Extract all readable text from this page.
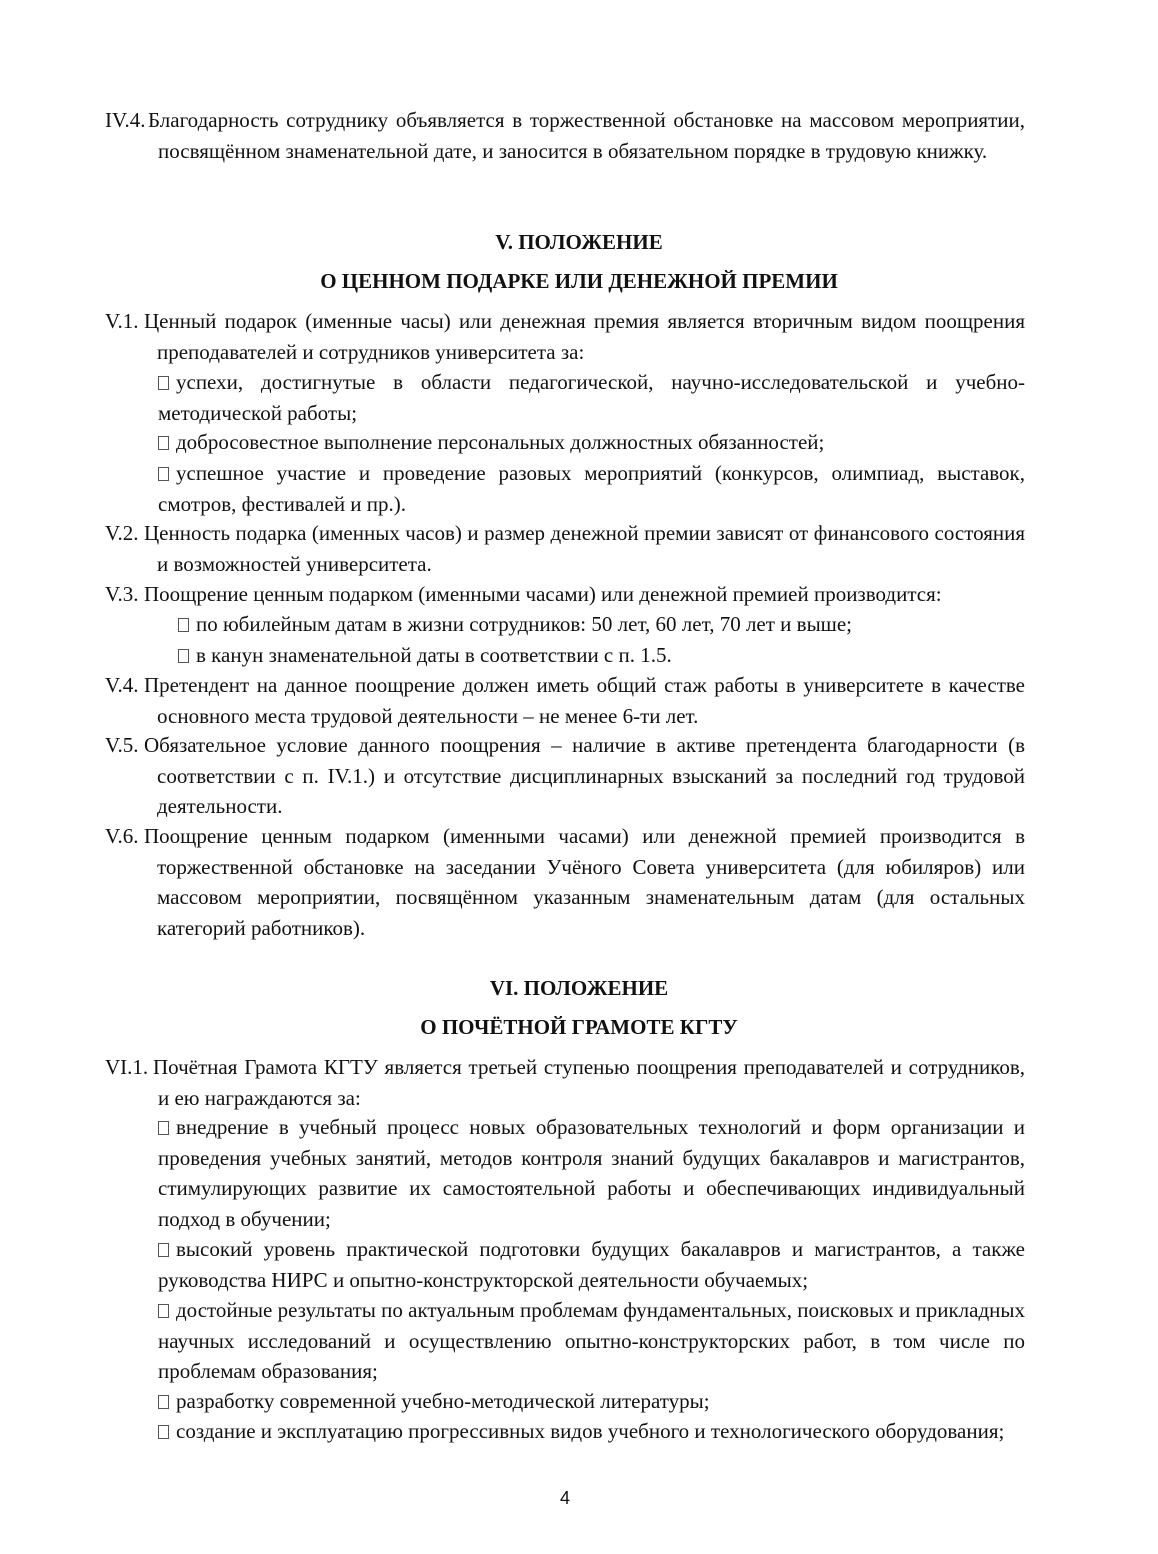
IV.4. Благодарность сотруднику объявляется в торжественной обстановке на массовом мероприятии, посвящённом знаменательной дате, и заносится в обязательном порядке в трудовую книжку.
V. ПОЛОЖЕНИЕ
О ЦЕННОМ ПОДАРКЕ ИЛИ ДЕНЕЖНОЙ ПРЕМИИ
V.1. Ценный подарок (именные часы) или денежная премия является вторичным видом поощрения преподавателей и сотрудников университета за:
успехи, достигнутые в области педагогической, научно-исследовательской и учебно-методической работы;
добросовестное выполнение персональных должностных обязанностей;
успешное участие и проведение разовых мероприятий (конкурсов, олимпиад, выставок, смотров, фестивалей и пр.).
V.2. Ценность подарка (именных часов) и размер денежной премии зависят от финансового состояния и возможностей университета.
V.3. Поощрение ценным подарком (именными часами) или денежной премией производится:
по юбилейным датам в жизни сотрудников: 50 лет, 60 лет, 70 лет и выше;
в канун знаменательной даты в соответствии с п. 1.5.
V.4. Претендент на данное поощрение должен иметь общий стаж работы в университете в качестве основного места трудовой деятельности – не менее 6-ти лет.
V.5. Обязательное условие данного поощрения – наличие в активе претендента благодарности (в соответствии с п. IV.1.) и отсутствие дисциплинарных взысканий за последний год трудовой деятельности.
V.6. Поощрение ценным подарком (именными часами) или денежной премией производится в торжественной обстановке на заседании Учёного Совета университета (для юбиляров) или массовом мероприятии, посвящённом указанным знаменательным датам (для остальных категорий работников).
VI. ПОЛОЖЕНИЕ
О ПОЧЁТНОЙ ГРАМОТЕ КГТУ
VI.1. Почётная Грамота КГТУ является третьей ступенью поощрения преподавателей и сотрудников, и ею награждаются за:
внедрение в учебный процесс новых образовательных технологий и форм организации и проведения учебных занятий, методов контроля знаний будущих бакалавров и магистрантов, стимулирующих развитие их самостоятельной работы и обеспечивающих индивидуальный подход в обучении;
высокий уровень практической подготовки будущих бакалавров и магистрантов, а также руководства НИРС и опытно-конструкторской деятельности обучаемых;
достойные результаты по актуальным проблемам фундаментальных, поисковых и прикладных научных исследований и осуществлению опытно-конструкторских работ, в том числе по проблемам образования;
разработку современной учебно-методической литературы;
создание и эксплуатацию прогрессивных видов учебного и технологического оборудования;
4
